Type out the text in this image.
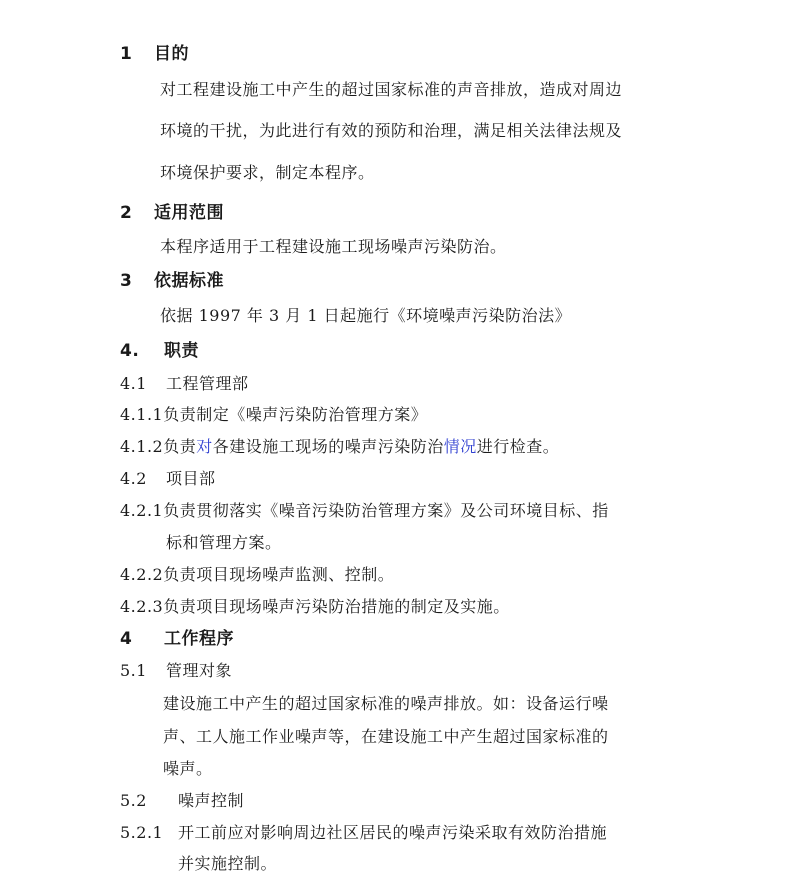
1 目的
对工程建设施工中产生的超过国家标准的声音排放，造成对周边
环境的干扰，为此进行有效的预防和治理，满足相关法律法规及
环境保护要求，制定本程序。
2 适用范围
本程序适用于工程建设施工现场噪声污染防治。
3 依据标准
依据 1997 年 3 月 1 日起施行《环境噪声污染防治法》
4. 职责
4.1 工程管理部
4.1.1负责制定《噪声污染防治管理方案》
4.1.2负责对各建设施工现场的噪声污染防治情况进行检查。
4.2 项目部
4.2.1负责贯彻落实《噪音污染防治管理方案》及公司环境目标、指
标和管理方案。
4.2.2负责项目现场噪声监测、控制。
4.2.3负责项目现场噪声污染防治措施的制定及实施。
4 工作程序
5.1 管理对象
建设施工中产生的超过国家标准的噪声排放。如：设备运行噪
声、工人施工作业噪声等，在建设施工中产生超过国家标准的
噪声。
5.2 噪声控制
5.2.1 开工前应对影响周边社区居民的噪声污染采取有效防治措施
并实施控制。
